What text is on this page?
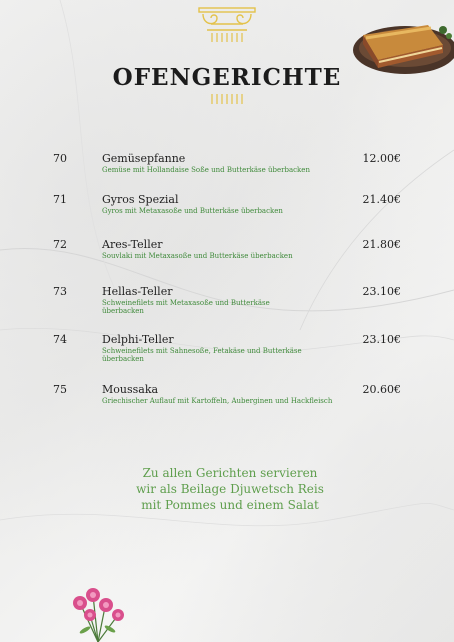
OFENGERICHTE
70	Gemüsepfanne
Gemüse mit Hollandaise Soße und Butterkäse überbacken
12.00€
71	Gyros Spezial
Gyros mit Metaxasoße und Butterkäse überbacken
21.40€
72	Ares-Teller
Souvlaki mit Metaxasoße und Butterkäse überbacken
21.80€
73	Hellas-Teller
Schweinefilets mit Metaxasoße und Butterkäse überbacken
23.10€
74	Delphi-Teller
Schweinefilets mit Sahnesoße, Fetakäse und Butterkäse überbacken
23.10€
75	Moussaka
Griechischer Auflauf mit Kartoffeln, Auberginen und Hackfleisch
20.60€
Zu allen Gerichten servieren
wir als Beilage Djuwetsch Reis
mit Pommes und einem Salat
